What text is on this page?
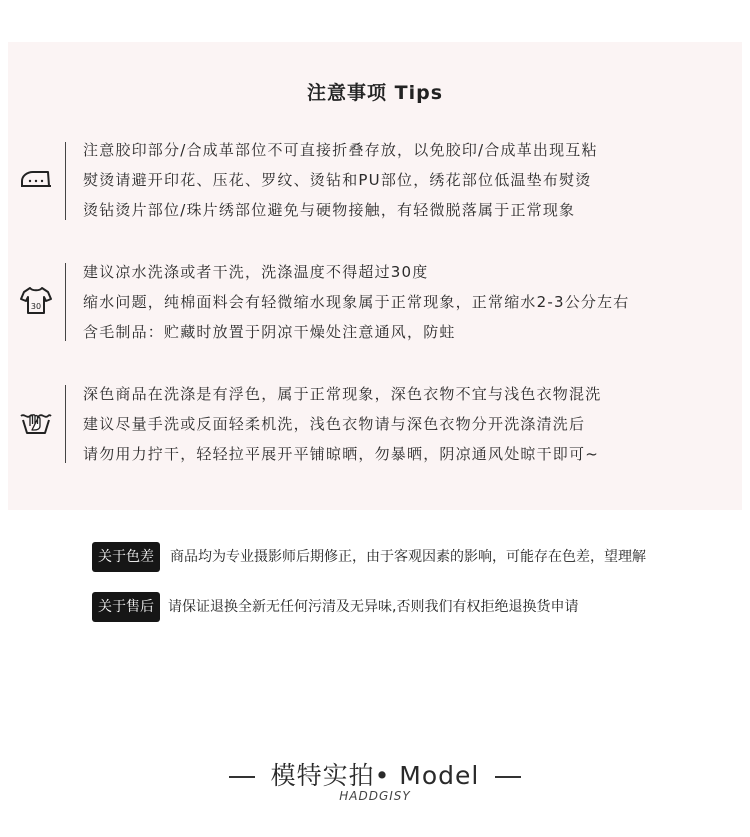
注意事项 Tips
注意胶印部分/合成革部位不可直接折叠存放，以免胶印/合成革出现互粘
熨烫请避开印花、压花、罗纹、烫钻和PU部位，绣花部位低温垫布熨烫
烫钻烫片部位/珠片绣部位避免与硬物接触，有轻微脱落属于正常现象
30
建议凉水洗涤或者干洗，洗涤温度不得超过30度
缩水问题，纯棉面料会有轻微缩水现象属于正常现象，正常缩水2-3公分左右
含毛制品：贮藏时放置于阴凉干燥处注意通风，防蛀
深色商品在洗涤是有浮色，属于正常现象，深色衣物不宜与浅色衣物混洗
建议尽量手洗或反面轻柔机洗，浅色衣物请与深色衣物分开洗涤清洗后
请勿用力拧干，轻轻拉平展开平铺晾晒，勿暴晒，阴凉通风处晾干即可~
关于色差	商品均为专业摄影师后期修正，由于客观因素的影响，可能存在色差，望理解
关于售后	请保证退换全新无任何污清及无异味,否则我们有权拒绝退换货申请
模特实拍• Model
HADDGISY
